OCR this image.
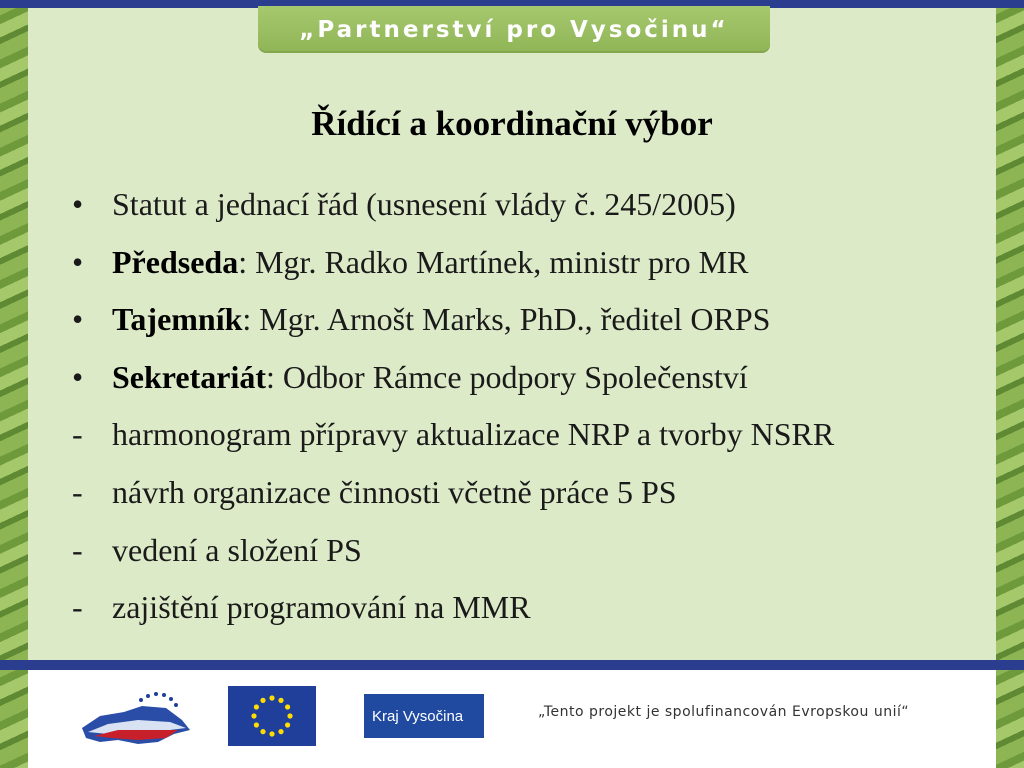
Řídící a koordinační výbor
• Statut a jednací řád (usnesení vlády č. 245/2005)
• Předseda: Mgr. Radko Martínek, ministr pro MR
• Tajemník: Mgr. Arnošt Marks, PhD., ředitel ORPS
• Sekretariát: Odbor Rámce podpory Společenství
- harmonogram přípravy aktualizace NRP a tvorby NSRR
- návrh organizace činnosti včetně práce 5 PS
- vedení a složení PS
- zajištění programování na MMR
„Partnerství pro Vysočinu“
Kraj Vysočina	„Tento projekt je spolufinancován Evropskou unií“
